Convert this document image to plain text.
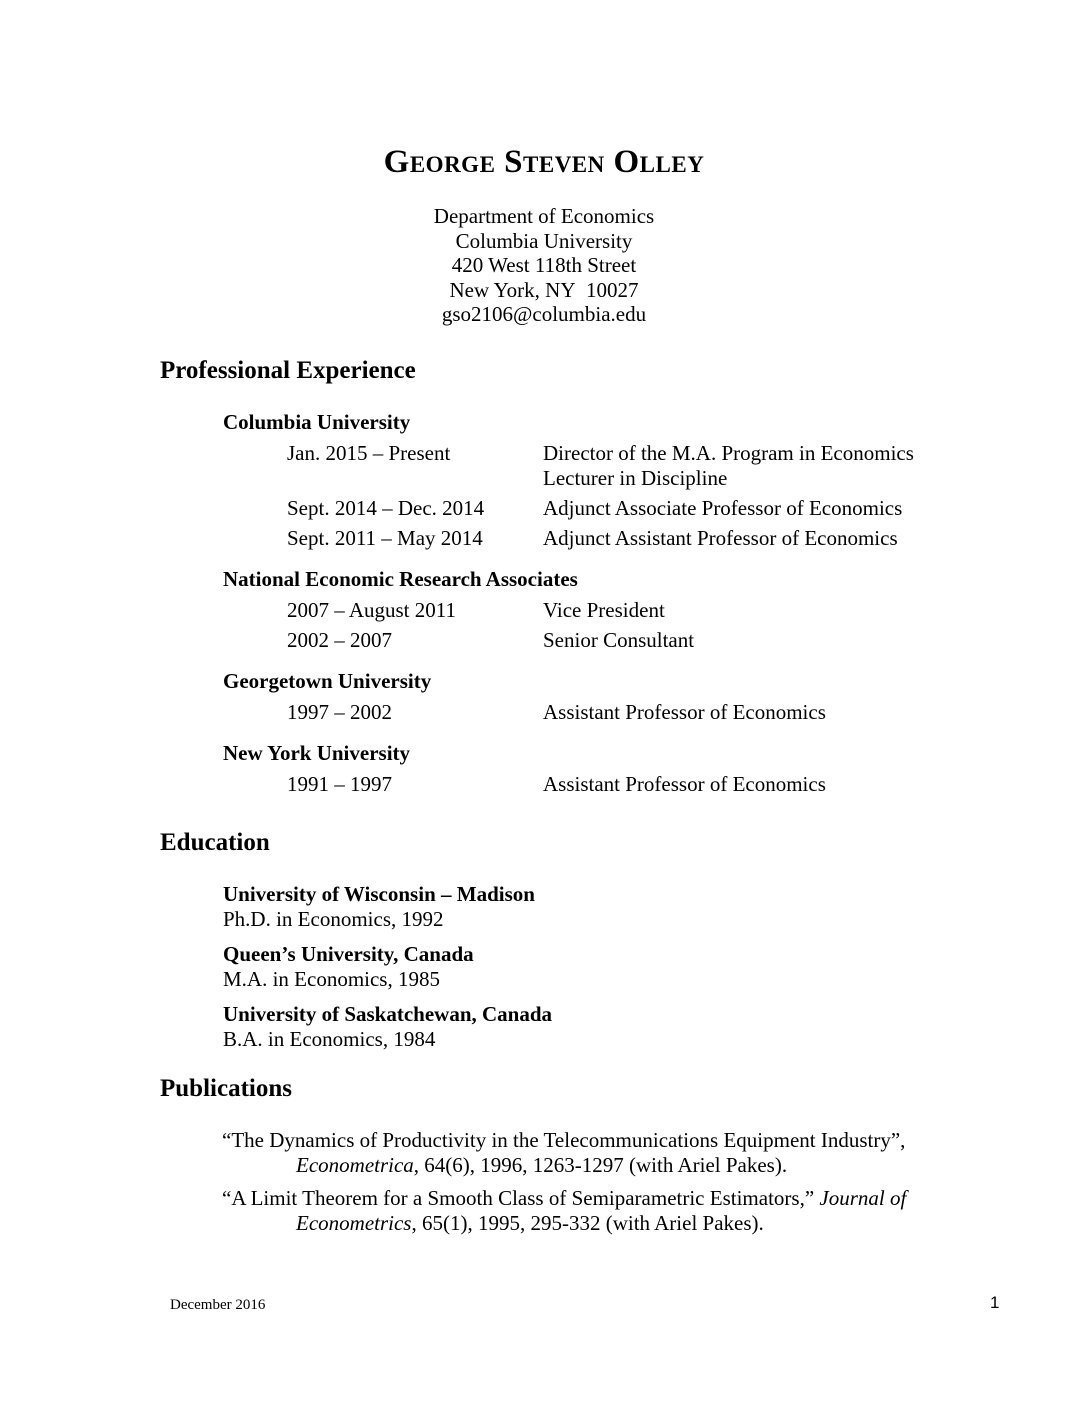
George Steven Olley
Department of Economics
Columbia University
420 West 118th Street
New York, NY  10027
gso2106@columbia.edu
Professional Experience
Columbia University
Jan. 2015 – Present	Director of the M.A. Program in Economics
Lecturer in Discipline
Sept. 2014 – Dec. 2014	Adjunct Associate Professor of Economics
Sept. 2011 – May 2014	Adjunct Assistant Professor of Economics
National Economic Research Associates
2007 – August 2011	Vice President
2002 – 2007	Senior Consultant
Georgetown University
1997 – 2002	Assistant Professor of Economics
New York University
1991 – 1997	Assistant Professor of Economics
Education
University of Wisconsin – Madison
Ph.D. in Economics, 1992
Queen’s University, Canada
M.A. in Economics, 1985
University of Saskatchewan, Canada
B.A. in Economics, 1984
Publications
“The Dynamics of Productivity in the Telecommunications Equipment Industry”,
Econometrica, 64(6), 1996, 1263-1297 (with Ariel Pakes).
“A Limit Theorem for a Smooth Class of Semiparametric Estimators,” Journal of
Econometrics, 65(1), 1995, 295-332 (with Ariel Pakes).
December 2016	1
